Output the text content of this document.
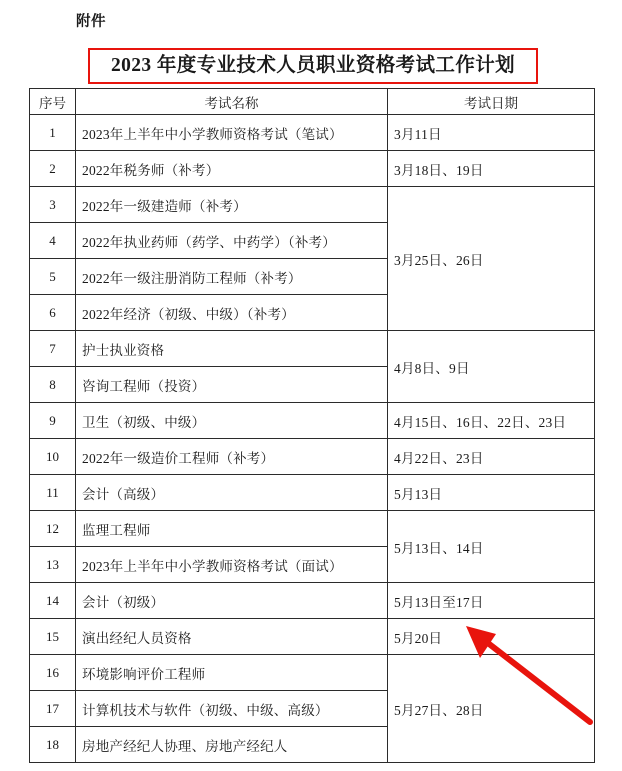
附件
2023 年度专业技术人员职业资格考试工作计划
序号	考试名称	考试日期
1	2023年上半年中小学教师资格考试（笔试）	3月11日
2	2022年税务师（补考）	3月18日、19日
3	2022年一级建造师（补考）	3月25日、26日
4	2022年执业药师（药学、中药学）（补考）	
5	2022年一级注册消防工程师（补考）	
6	2022年经济（初级、中级）（补考）	
7	护士执业资格	4月8日、9日
8	咨询工程师（投资）	
9	卫生（初级、中级）	4月15日、16日、22日、23日
10	2022年一级造价工程师（补考）	4月22日、23日
11	会计（高级）	5月13日
12	监理工程师	5月13日、14日
13	2023年上半年中小学教师资格考试（面试）	
14	会计（初级）	5月13日至17日
15	演出经纪人员资格	5月20日
16	环境影响评价工程师	5月27日、28日
17	计算机技术与软件（初级、中级、高级）	
18	房地产经纪人协理、房地产经纪人	
